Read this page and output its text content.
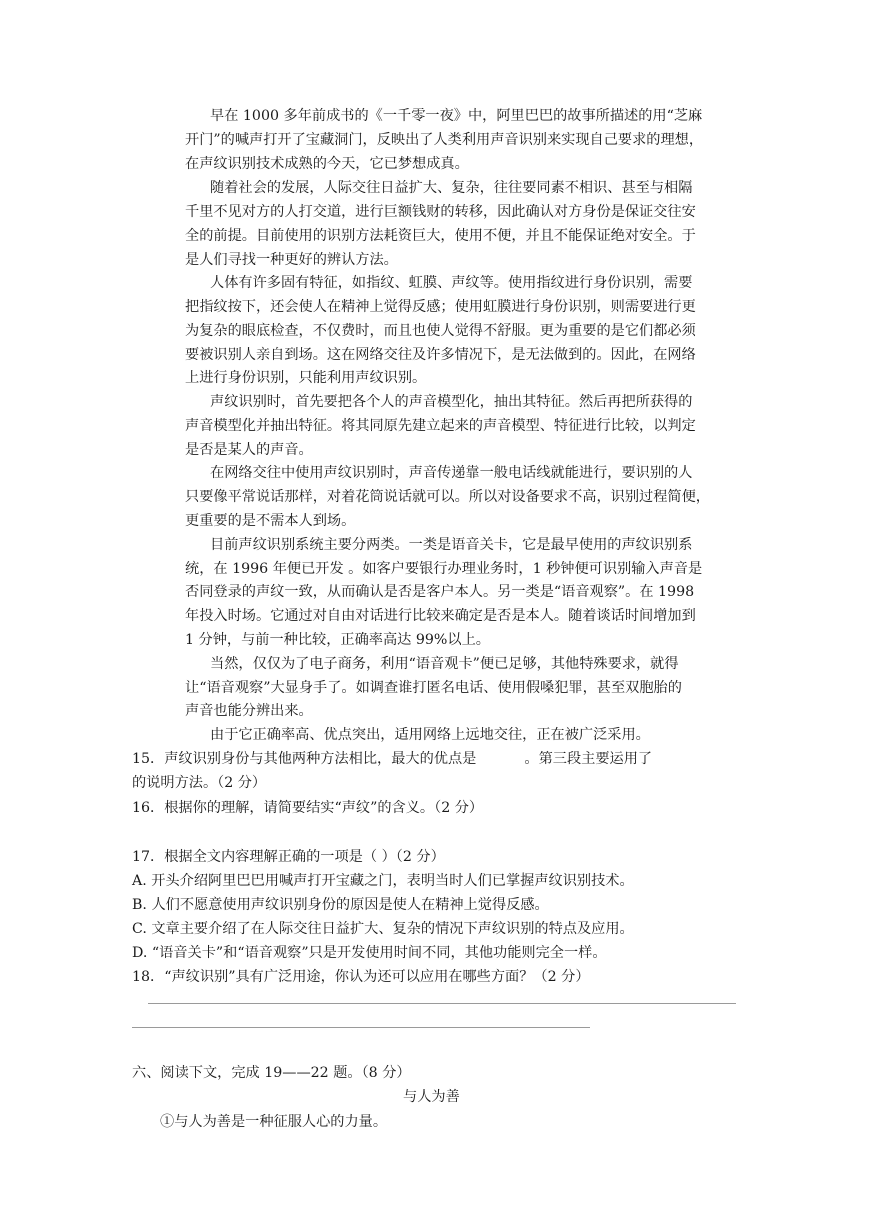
早在 1000 多年前成书的《一千零一夜》中，阿里巴巴的故事所描述的用“芝麻
开门”的喊声打开了宝藏洞门，反映出了人类利用声音识别来实现自己要求的理想，
在声纹识别技术成熟的今天，它已梦想成真。
随着社会的发展，人际交往日益扩大、复杂，往往要同素不相识、甚至与相隔
千里不见对方的人打交道，进行巨额钱财的转移，因此确认对方身份是保证交往安
全的前提。目前使用的识别方法耗资巨大，使用不便，并且不能保证绝对安全。于
是人们寻找一种更好的辨认方法。
人体有许多固有特征，如指纹、虹膜、声纹等。使用指纹进行身份识别，需要
把指纹按下，还会使人在精神上觉得反感；使用虹膜进行身份识别，则需要进行更
为复杂的眼底检查，不仅费时，而且也使人觉得不舒服。更为重要的是它们都必须
要被识别人亲自到场。这在网络交往及许多情况下，是无法做到的。因此，在网络
上进行身份识别，只能利用声纹识别。
声纹识别时，首先要把各个人的声音模型化，抽出其特征。然后再把所获得的
声音模型化并抽出特征。将其同原先建立起来的声音模型、特征进行比较，以判定
是否是某人的声音。
在网络交往中使用声纹识别时，声音传递靠一般电话线就能进行，要识别的人
只要像平常说话那样，对着花筒说话就可以。所以对设备要求不高，识别过程简便，
更重要的是不需本人到场。
目前声纹识别系统主要分两类。一类是语音关卡，它是最早使用的声纹识别系
统，在 1996 年便已开发 。如客户要银行办理业务时，1 秒钟便可识别输入声音是
否同登录的声纹一致，从而确认是否是客户本人。另一类是“语音观察”。在 1998
年投入时场。它通过对自由对话进行比较来确定是否是本人。随着谈话时间增加到
1 分钟，与前一种比较，正确率高达 99%以上。
当然，仅仅为了电子商务，利用“语音观卡”便已足够，其他特殊要求，就得
让“语音观察”大显身手了。如调查谁打匿名电话、使用假嗓犯罪，甚至双胞胎的
声音也能分辨出来。
由于它正确率高、优点突出，适用网络上远地交往，正在被广泛采用。
15．声纹识别身份与其他两种方法相比，最大的优点是	。第三段主要运用了
的说明方法。（2 分）
16．根据你的理解，请简要结实“声纹”的含义。（2 分）
17．根据全文内容理解正确的一项是（ ）（2 分）
A. 开头介绍阿里巴巴用喊声打开宝藏之门，表明当时人们已掌握声纹识别技术。
B. 人们不愿意使用声纹识别身份的原因是使人在精神上觉得反感。
C. 文章主要介绍了在人际交往日益扩大、复杂的情况下声纹识别的特点及应用。
D. “语音关卡”和“语音观察”只是开发使用时间不同，其他功能则完全一样。
18．“声纹识别”具有广泛用途，你认为还可以应用在哪些方面？（2 分）
六、阅读下文，完成 19——22 题。（8 分）
与人为善
①与人为善是一种征服人心的力量。
